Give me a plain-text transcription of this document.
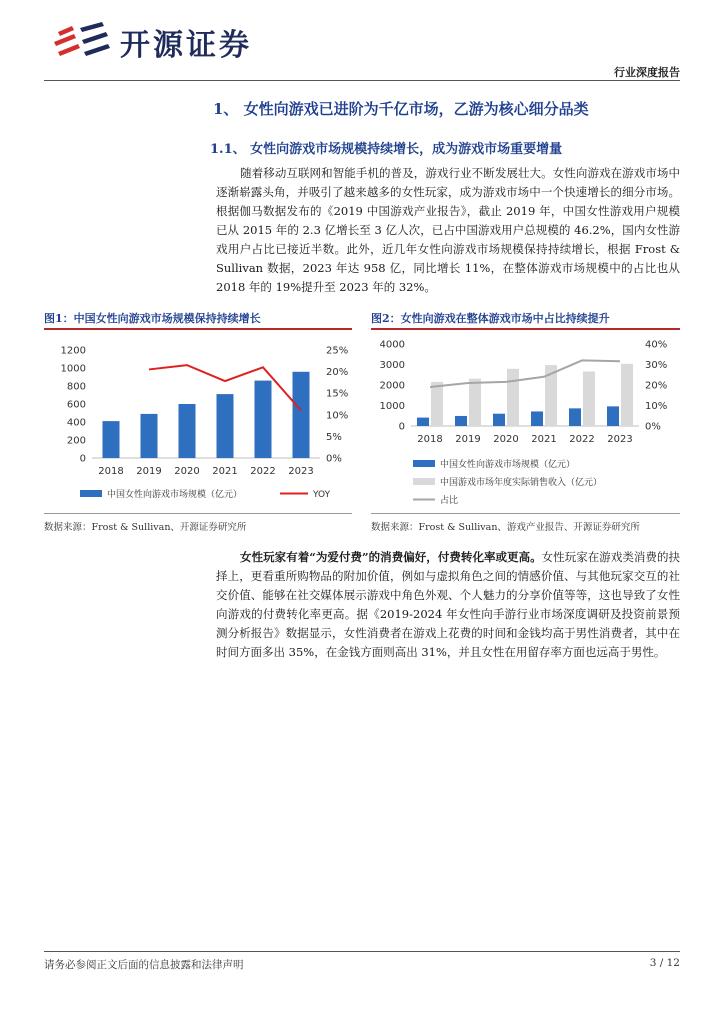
开源证券
行业深度报告
1、 女性向游戏已进阶为千亿市场，乙游为核心细分品类
1.1、 女性向游戏市场规模持续增长，成为游戏市场重要增量
随着移动互联网和智能手机的普及，游戏行业不断发展壮大。女性向游戏在游戏市场中逐渐崭露头角，并吸引了越来越多的女性玩家，成为游戏市场中一个快速增长的细分市场。根据伽马数据发布的《2019 中国游戏产业报告》，截止 2019 年，中国女性游戏用户规模已从 2015 年的 2.3 亿增长至 3 亿人次，已占中国游戏用户总规模的 46.2%，国内女性游戏用户占比已接近半数。此外，近几年女性向游戏市场规模保持持续增长，根据 Frost & Sullivan 数据，2023 年达 958 亿，同比增长 11%，在整体游戏市场规模中的占比也从 2018 年的 19%提升至 2023 年的 32%。
图1：中国女性向游戏市场规模保持持续增长
0
200
400
600
800
1000
1200
0%
5%
10%
15%
20%
25%
2018 2019 2020 2021 2022 2023
中国女性向游戏市场规模（亿元）	YOY
数据来源：Frost & Sullivan、开源证券研究所
图2：女性向游戏在整体游戏市场中占比持续提升
0
1000
2000
3000
4000
0%
10%
20%
30%
40%
2018 2019 2020 2021 2022 2023
中国女性向游戏市场规模（亿元）
中国游戏市场年度实际销售收入（亿元）
占比
数据来源：Frost & Sullivan、游戏产业报告、开源证券研究所
女性玩家有着“为爱付费”的消费偏好，付费转化率或更高。女性玩家在游戏类消费的抉择上，更看重所购物品的附加价值，例如与虚拟角色之间的情感价值、与其他玩家交互的社交价值、能够在社交媒体展示游戏中角色外观、个人魅力的分享价值等等，这也导致了女性向游戏的付费转化率更高。据《2019-2024 年女性向手游行业市场深度调研及投资前景预测分析报告》数据显示，女性消费者在游戏上花费的时间和金钱均高于男性消费者，其中在时间方面多出 35%，在金钱方面则高出 31%，并且女性在用留存率方面也远高于男性。
请务必参阅正文后面的信息披露和法律声明	3 / 12
